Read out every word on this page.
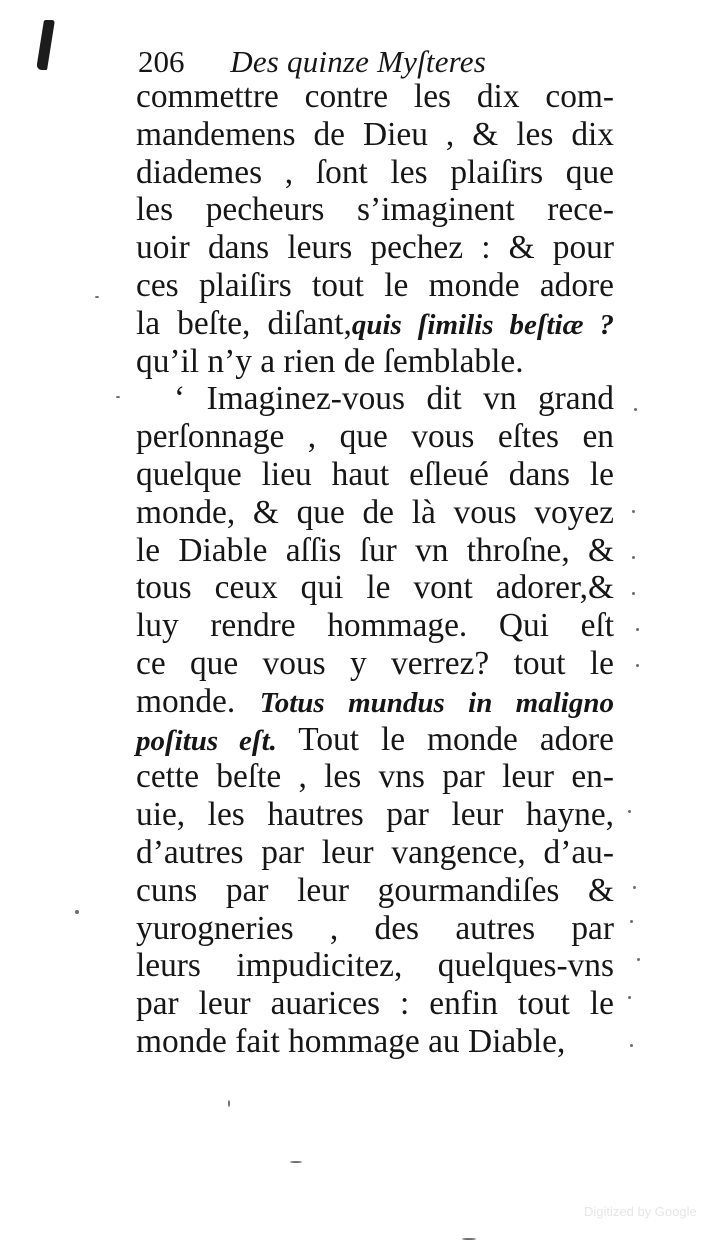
206 Des quinze Myſteres
commettre contre les dix com-
mandemens de Dieu , & les dix
diademes , ſont les plaiſirs que
les pecheurs s’imaginent rece-
uoir dans leurs pechez : & pour
ces plaiſirs tout le monde adore
la beſte, diſant,quis ſimilis beſtiæ ?
qu’il n’y a rien de ſemblable.
‘ Imaginez-vous dit vn grand
perſonnage , que vous eſtes en
quelque lieu haut eſleué dans le
monde, & que de là vous voyez
le Diable aſſis ſur vn throſne, &
tous ceux qui le vont adorer,&
luy rendre hommage. Qui eſt
ce que vous y verrez? tout le
monde. Totus mundus in maligno
poſitus eſt. Tout le monde adore
cette beſte , les vns par leur en-
uie, les hautres par leur hayne,
d’autres par leur vangence, d’au-
cuns par leur gourmandiſes &
yurogneries , des autres par
leurs impudicitez, quelques-vns
par leur auarices : enfin tout le
monde fait hommage au Diable,
Digitized by Google
